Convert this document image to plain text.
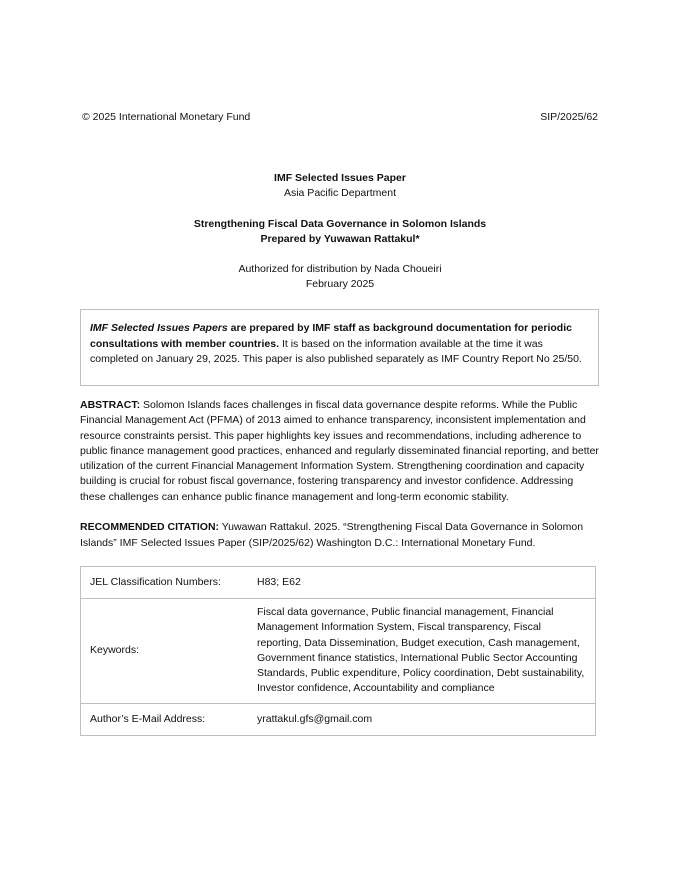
© 2025 International Monetary Fund	SIP/2025/62
IMF Selected Issues Paper
Asia Pacific Department
Strengthening Fiscal Data Governance in Solomon Islands
Prepared by Yuwawan Rattakul*
Authorized for distribution by Nada Choueiri
February 2025
IMF Selected Issues Papers are prepared by IMF staff as background documentation for periodic consultations with member countries. It is based on the information available at the time it was completed on January 29, 2025. This paper is also published separately as IMF Country Report No 25/50.
ABSTRACT: Solomon Islands faces challenges in fiscal data governance despite reforms. While the Public Financial Management Act (PFMA) of 2013 aimed to enhance transparency, inconsistent implementation and resource constraints persist. This paper highlights key issues and recommendations, including adherence to public finance management good practices, enhanced and regularly disseminated financial reporting, and better utilization of the current Financial Management Information System. Strengthening coordination and capacity building is crucial for robust fiscal governance, fostering transparency and investor confidence. Addressing these challenges can enhance public finance management and long-term economic stability.
RECOMMENDED CITATION: Yuwawan Rattakul. 2025. “Strengthening Fiscal Data Governance in Solomon Islands” IMF Selected Issues Paper (SIP/2025/62) Washington D.C.: International Monetary Fund.
JEL Classification Numbers:	H83; E62
Keywords:	Fiscal data governance, Public financial management, Financial Management Information System, Fiscal transparency, Fiscal reporting, Data Dissemination, Budget execution, Cash management, Government finance statistics, International Public Sector Accounting Standards, Public expenditure, Policy coordination, Debt sustainability, Investor confidence, Accountability and compliance
Author’s E-Mail Address:	yrattakul.gfs@gmail.com
